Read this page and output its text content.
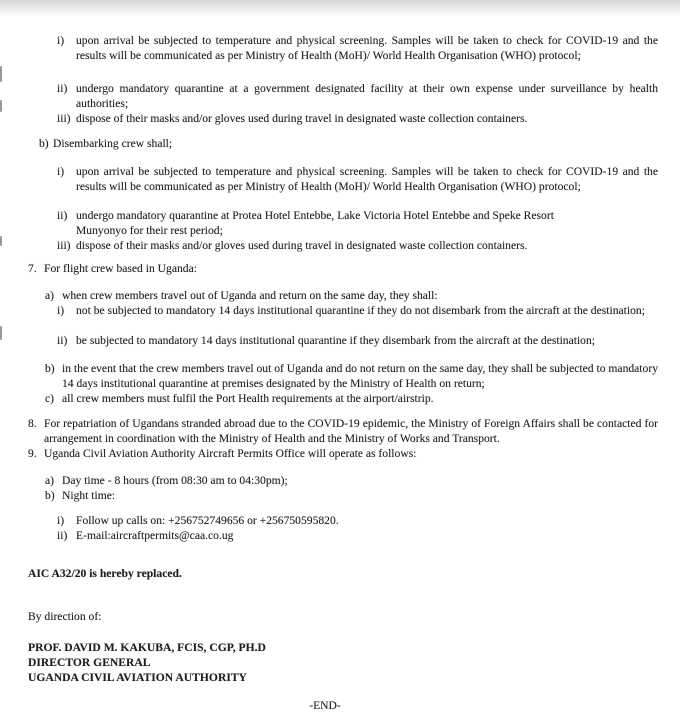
i)	upon arrival be subjected to temperature and physical screening. Samples will be taken to check for COVID-19 and the results will be communicated as per Ministry of Health (MoH)/ World Health Organisation (WHO) protocol;
ii) undergo mandatory quarantine at a government designated facility at their own expense under surveillance by health authorities;
iii) dispose of their masks and/or gloves used during travel in designated waste collection containers.
b) Disembarking crew shall;
i)	upon arrival be subjected to temperature and physical screening. Samples will be taken to check for COVID-19 and the results will be communicated as per Ministry of Health (MoH)/ World Health Organisation (WHO) protocol;
ii) undergo mandatory quarantine at Protea Hotel Entebbe, Lake Victoria Hotel Entebbe and Speke Resort Munyonyo for their rest period;
iii) dispose of their masks and/or gloves used during travel in designated waste collection containers.
7. For flight crew based in Uganda:
a) when crew members travel out of Uganda and return on the same day, they shall:
i)	not be subjected to mandatory 14 days institutional quarantine if they do not disembark from the aircraft at the destination;
ii) be subjected to mandatory 14 days institutional quarantine if they disembark from the aircraft at the destination;
b) in the event that the crew members travel out of Uganda and do not return on the same day, they shall be subjected to mandatory 14 days institutional quarantine at premises designated by the Ministry of Health on return;
c) all crew members must fulfil the Port Health requirements at the airport/airstrip.
8. For repatriation of Ugandans stranded abroad due to the COVID-19 epidemic, the Ministry of Foreign Affairs shall be contacted for arrangement in coordination with the Ministry of Health and the Ministry of Works and Transport.
9. Uganda Civil Aviation Authority Aircraft Permits Office will operate as follows:
a) Day time - 8 hours (from 08:30 am to 04:30pm);
b) Night time:
i)	Follow up calls on: +256752749656 or +256750595820.
ii) E-mail:aircraftpermits@caa.co.ug
AIC A32/20 is hereby replaced.
By direction of:
PROF. DAVID M. KAKUBA, FCIS, CGP, PH.D
DIRECTOR GENERAL
UGANDA CIVIL AVIATION AUTHORITY
-END-
